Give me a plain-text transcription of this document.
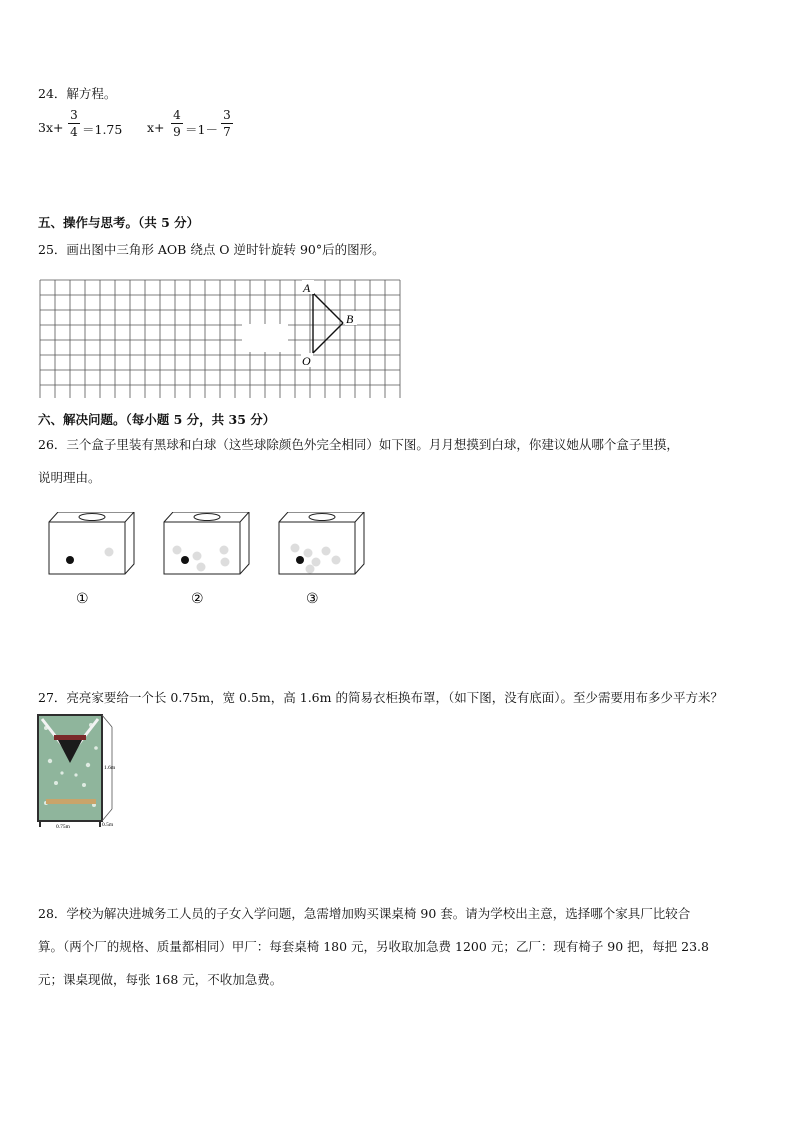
24．解方程。
3x+
3
4 ＝1.75 x+
4
9 ＝1－
3
7
五、操作与思考。（共 5 分）
25．画出图中三角形 AOB 绕点 O 逆时针旋转 90°后的图形。
A
B
O
六、解决问题。（每小题 5 分，共 35 分）
26．三个盒子里装有黑球和白球（这些球除颜色外完全相同）如下图。月月想摸到白球，你建议她从哪个盒子里摸，
说明理由。
①	②	③
27．亮亮家要给一个长 0.75m，宽 0.5m，高 1.6m 的简易衣柜换布罩，（如下图，没有底面）。至少需要用布多少平方米？
1.6m
0.75m	0.5m
28．学校为解决进城务工人员的子女入学问题，急需增加购买课桌椅 90 套。请为学校出主意，选择哪个家具厂比较合
算。（两个厂的规格、质量都相同）甲厂：每套桌椅 180 元，另收取加急费 1200 元；乙厂：现有椅子 90 把，每把 23.8
元；课桌现做，每张 168 元，不收加急费。
